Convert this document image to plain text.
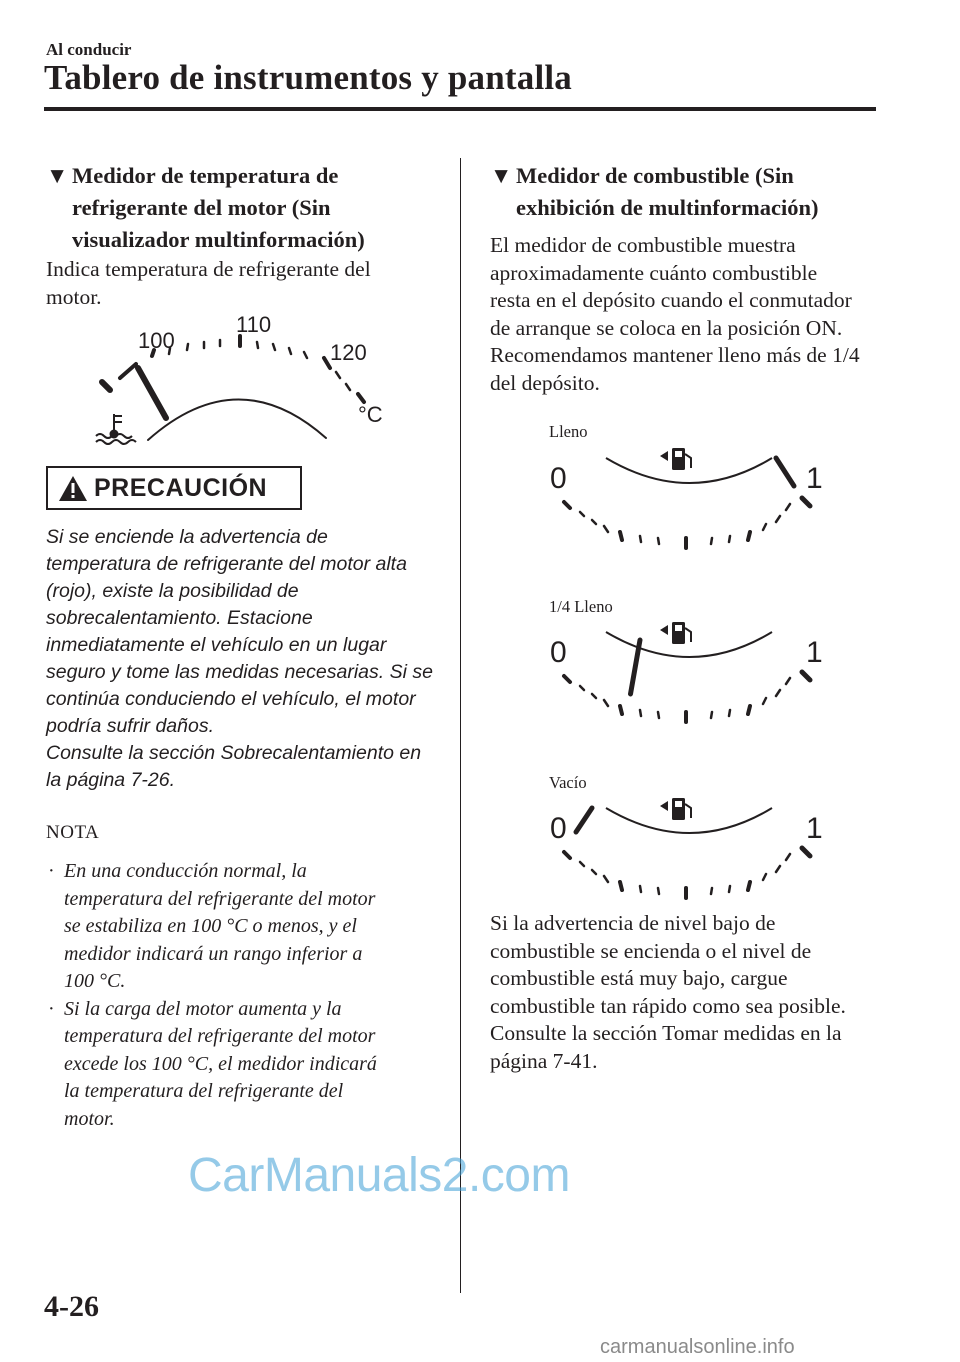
Al conducir
Tablero de instrumentos y pantalla
▼ Medidor de temperatura de
refrigerante del motor (Sin
visualizador multinformación)
Indica temperatura de refrigerante del
motor.
100
110
120
°C
PRECAUCIÓN
Si se enciende la advertencia de
temperatura de refrigerante del motor alta
(rojo), existe la posibilidad de
sobrecalentamiento. Estacione
inmediatamente el vehículo en un lugar
seguro y tome las medidas necesarias. Si se
continúa conduciendo el vehículo, el motor
podría sufrir daños.
Consulte la sección Sobrecalentamiento en
la página 7-26.
NOTA
· En una conducción normal, la
temperatura del refrigerante del motor
se estabiliza en 100 °C o menos, y el
medidor indicará un rango inferior a
100 °C.
· Si la carga del motor aumenta y la
temperatura del refrigerante del motor
excede los 100 °C, el medidor indicará
la temperatura del refrigerante del
motor.
▼ Medidor de combustible (Sin
exhibición de multinformación)
El medidor de combustible muestra
aproximadamente cuánto combustible
resta en el depósito cuando el conmutador
de arranque se coloca en la posición ON.
Recomendamos mantener lleno más de 1/4
del depósito.
Lleno
1/4 Lleno
Vacío
0	1
0	1
0	1
Si la advertencia de nivel bajo de
combustible se encienda o el nivel de
combustible está muy bajo, cargue
combustible tan rápido como sea posible.
Consulte la sección Tomar medidas en la
página 7-41.
CarManuals2.com
4-26
carmanualsonline.info
